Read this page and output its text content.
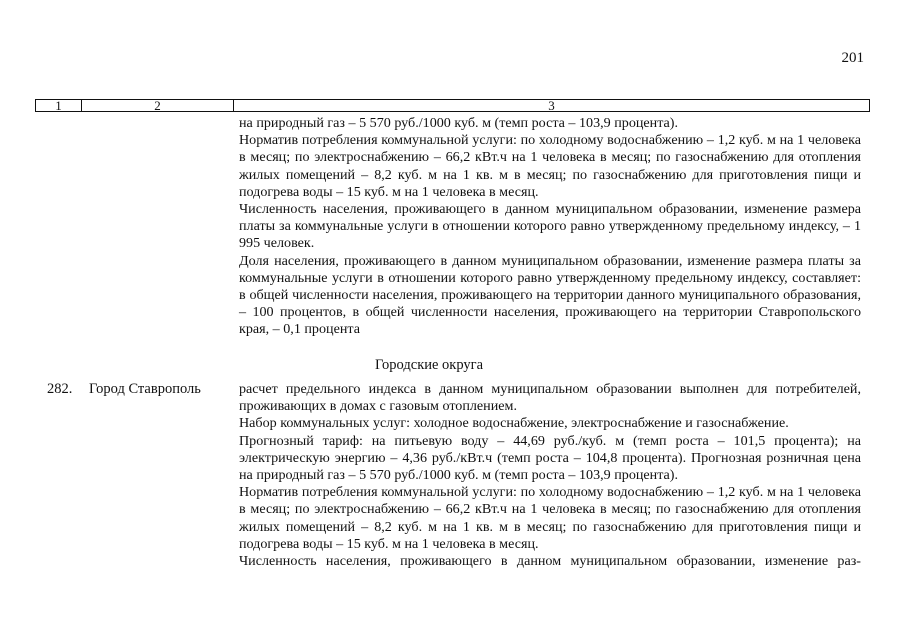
201
1	2	3

на природный газ – 5 570 руб./1000 куб. м (темп роста – 103,9 процента).

Норматив потребления коммунальной услуги: по холодному водоснабжению – 1,2 куб. м на 1 человека в месяц; по электроснабжению – 66,2 кВт.ч на 1 человека в месяц; по газоснабжению для отопления жилых помещений – 8,2 куб. м на 1 кв. м в месяц; по газоснабжению для приготовления пищи и подогрева воды – 15 куб. м на 1 человека в месяц.

Численность населения, проживающего в данном муниципальном образовании, изменение размера платы за коммунальные услуги в отношении которого равно утвержденному предельному индексу, – 1 995 человек.

Доля населения, проживающего в данном муниципальном образовании, изменение размера платы за коммунальные услуги в отношении которого равно утвержденному предельному индексу, составляет: в общей численности населения, проживающего на территории данного муниципального образования, – 100 процентов, в общей численности населения, проживающего на территории Ставропольского края, – 0,1 процента

Городские округа
282. Город Ставрополь	расчет предельного индекса в данном муниципальном образовании выполнен для потребителей, проживающих в домах с газовым отоплением.

Набор коммунальных услуг: холодное водоснабжение, электроснабжение и газоснабжение.

Прогнозный тариф: на питьевую воду – 44,69 руб./куб. м (темп роста – 101,5 процента); на электрическую энергию – 4,36 руб./кВт.ч (темп роста – 104,8 процента). Прогнозная розничная цена на природный газ – 5 570 руб./1000 куб. м (темп роста – 103,9 процента).

Норматив потребления коммунальной услуги: по холодному водоснабжению – 1,2 куб. м на 1 человека в месяц; по электроснабжению – 66,2 кВт.ч на 1 человека в месяц; по газоснабжению для отопления жилых помещений – 8,2 куб. м на 1 кв. м в месяц; по газоснабжению для приготовления пищи и подогрева воды – 15 куб. м на 1 человека в месяц.

Численность населения, проживающего в данном муниципальном образовании, изменение раз-
